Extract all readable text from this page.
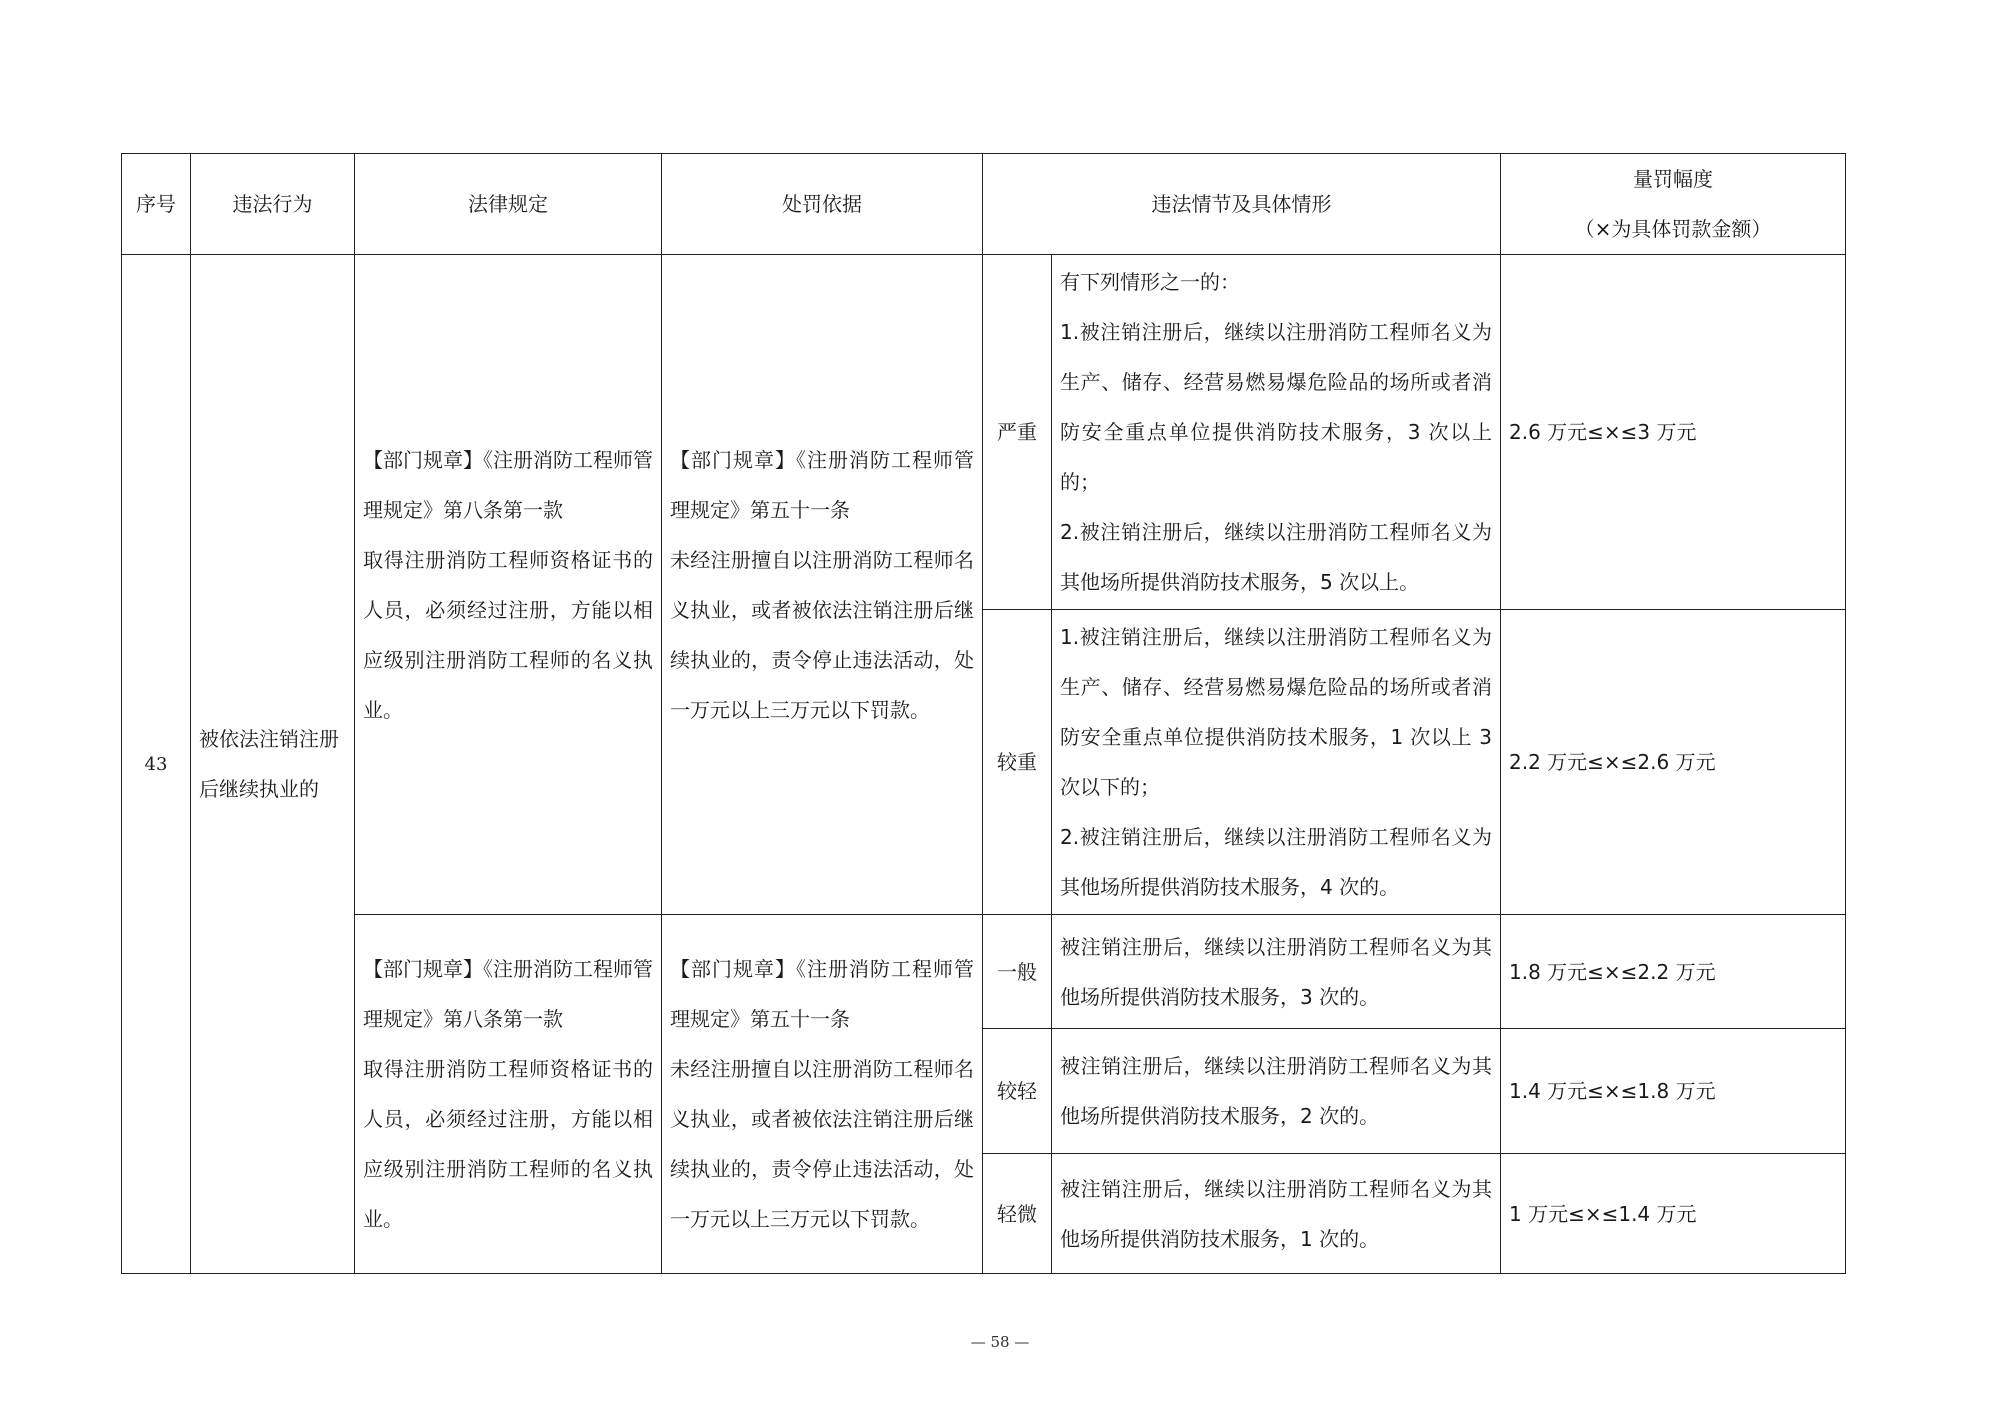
序号	违法行为	法律规定	处罚依据	违法情节及具体情形		量罚幅度
（×为具体罚款金额）

43	被依法注销注册后继续执业的	【部门规章】《注册消防工程师管理规定》第八条第一款
取得注册消防工程师资格证书的人员，必须经过注册，方能以相应级别注册消防工程师的名义执业。	【部门规章】《注册消防工程师管理规定》第五十一条
未经注册擅自以注册消防工程师名义执业，或者被依法注销注册后继续执业的，责令停止违法活动，处一万元以上三万元以下罚款。	严重	有下列情形之一的：
1.被注销注册后，继续以注册消防工程师名义为生产、储存、经营易燃易爆危险品的场所或者消防安全重点单位提供消防技术服务，3 次以上的；
2.被注销注册后，继续以注册消防工程师名义为其他场所提供消防技术服务，5 次以上。	2.6 万元≤×≤3 万元
				较重	1.被注销注册后，继续以注册消防工程师名义为生产、储存、经营易燃易爆危险品的场所或者消防安全重点单位提供消防技术服务，1 次以上 3 次以下的；
2.被注销注册后，继续以注册消防工程师名义为其他场所提供消防技术服务，4 次的。	2.2 万元≤×≤2.6 万元

		【部门规章】《注册消防工程师管理规定》第八条第一款
取得注册消防工程师资格证书的人员，必须经过注册，方能以相应级别注册消防工程师的名义执业。	【部门规章】《注册消防工程师管理规定》第五十一条
未经注册擅自以注册消防工程师名义执业，或者被依法注销注册后继续执业的，责令停止违法活动，处一万元以上三万元以下罚款。	一般	被注销注册后，继续以注册消防工程师名义为其他场所提供消防技术服务，3 次的。	1.8 万元≤×≤2.2 万元
				较轻	被注销注册后，继续以注册消防工程师名义为其他场所提供消防技术服务，2 次的。	1.4 万元≤×≤1.8 万元
				轻微	被注销注册后，继续以注册消防工程师名义为其他场所提供消防技术服务，1 次的。	1 万元≤×≤1.4 万元
— 58 —
